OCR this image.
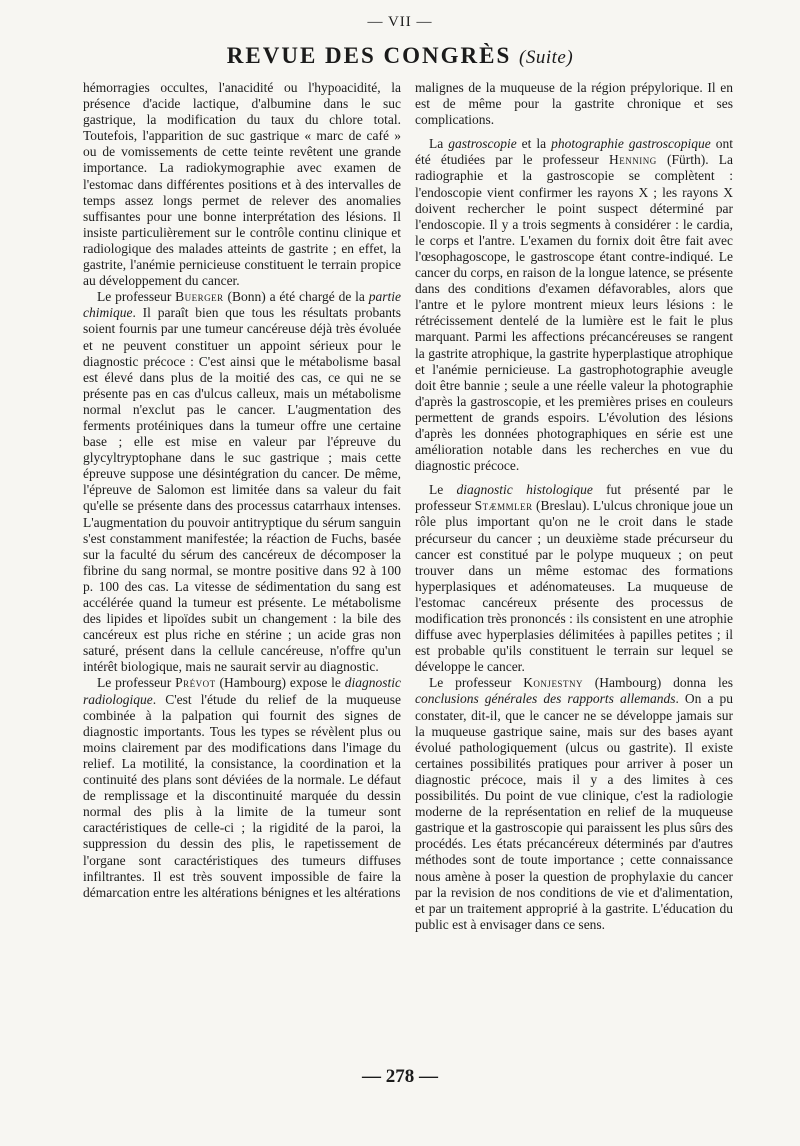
— VII —
REVUE DES CONGRÈS (Suite)

hémorragies occultes, l'anacidité ou l'hypoacidité, la présence d'acide lactique, d'albumine dans le suc gastrique, la modification du taux du chlore total. Toutefois, l'apparition de suc gastrique « marc de café » ou de vomissements de cette teinte revêtent une grande importance. La radiokymographie avec examen de l'estomac dans différentes positions et à des intervalles de temps assez longs permet de relever des anomalies suffisantes pour une bonne interprétation des lésions. Il insiste particulièrement sur le contrôle continu clinique et radiologique des malades atteints de gastrite ; en effet, la gastrite, l'anémie pernicieuse constituent le terrain propice au développement du cancer.

Le professeur Buerger (Bonn) a été chargé de la partie chimique. Il paraît bien que tous les résultats probants soient fournis par une tumeur cancéreuse déjà très évoluée et ne peuvent constituer un appoint sérieux pour le diagnostic précoce : C'est ainsi que le métabolisme basal est élevé dans plus de la moitié des cas, ce qui ne se présente pas en cas d'ulcus calleux, mais un métabolisme normal n'exclut pas le cancer. L'augmentation des ferments protéiniques dans la tumeur offre une certaine base ; elle est mise en valeur par l'épreuve du glycyltryptophane dans le suc gastrique ; mais cette épreuve suppose une désintégration du cancer. De même, l'épreuve de Salomon est limitée dans sa valeur du fait qu'elle se présente dans des processus catarrhaux intenses. L'augmentation du pouvoir antitryptique du sérum sanguin s'est constamment manifestée; la réaction de Fuchs, basée sur la faculté du sérum des cancéreux de décomposer la fibrine du sang normal, se montre positive dans 92 à 100 p. 100 des cas. La vitesse de sédimentation du sang est accélérée quand la tumeur est présente. Le métabolisme des lipides et lipoïdes subit un changement : la bile des cancéreux est plus riche en stérine ; un acide gras non saturé, présent dans la cellule cancéreuse, n'offre qu'un intérêt biologique, mais ne saurait servir au diagnostic.

Le professeur Prévot (Hambourg) expose le diagnostic radiologique. C'est l'étude du relief de la muqueuse combinée à la palpation qui fournit des signes de diagnostic importants. Tous les types se révèlent plus ou moins clairement par des modifications dans l'image du relief. La motilité, la consistance, la coordination et la continuité des plans sont déviées de la normale. Le défaut de remplissage et la discontinuité marquée du dessin normal des plis à la limite de la tumeur sont caractéristiques de celle-ci ; la rigidité de la paroi, la suppression du dessin des plis, le rapetissement de l'organe sont caractéristiques des tumeurs diffuses infiltrantes. Il est très souvent impossible de faire la démarcation entre les altérations bénignes et les altérations

malignes de la muqueuse de la région prépylorique. Il en est de même pour la gastrite chronique et ses complications.

La gastroscopie et la photographie gastroscopique ont été étudiées par le professeur Henning (Fürth). La radiographie et la gastroscopie se complètent : l'endoscopie vient confirmer les rayons X ; les rayons X doivent rechercher le point suspect déterminé par l'endoscopie. Il y a trois segments à considérer : le cardia, le corps et l'antre. L'examen du fornix doit être fait avec l'œsophagoscope, le gastroscope étant contre-indiqué. Le cancer du corps, en raison de la longue latence, se présente dans des conditions d'examen défavorables, alors que l'antre et le pylore montrent mieux leurs lésions : le rétrécissement dentelé de la lumière est le fait le plus marquant. Parmi les affections précancéreuses se rangent la gastrite atrophique, la gastrite hyperplastique atrophique et l'anémie pernicieuse. La gastrophotographie aveugle doit être bannie ; seule a une réelle valeur la photographie d'après la gastroscopie, et les premières prises en couleurs permettent de grands espoirs. L'évolution des lésions d'après les données photographiques en série est une amélioration notable dans les recherches en vue du diagnostic précoce.

Le diagnostic histologique fut présenté par le professeur Stæmmler (Breslau). L'ulcus chronique joue un rôle plus important qu'on ne le croit dans le stade précurseur du cancer ; un deuxième stade précurseur du cancer est constitué par le polype muqueux ; on peut trouver dans un même estomac des formations hyperplasiques et adénomateuses. La muqueuse de l'estomac cancéreux présente des processus de modification très prononcés : ils consistent en une atrophie diffuse avec hyperplasies délimitées à papilles petites ; il est probable qu'ils constituent le terrain sur lequel se développe le cancer.

Le professeur Konjestny (Hambourg) donna les conclusions générales des rapports allemands. On a pu constater, dit-il, que le cancer ne se développe jamais sur la muqueuse gastrique saine, mais sur des bases ayant évolué pathologiquement (ulcus ou gastrite). Il existe certaines possibilités pratiques pour arriver à poser un diagnostic précoce, mais il y a des limites à ces possibilités. Du point de vue clinique, c'est la radiologie moderne de la représentation en relief de la muqueuse gastrique et la gastroscopie qui paraissent les plus sûrs des procédés. Les états précancéreux déterminés par d'autres méthodes sont de toute importance ; cette connaissance nous amène à poser la question de prophylaxie du cancer par la revision de nos conditions de vie et d'alimentation, et par un traitement approprié à la gastrite. L'éducation du public est à envisager dans ce sens.

— 278 —
